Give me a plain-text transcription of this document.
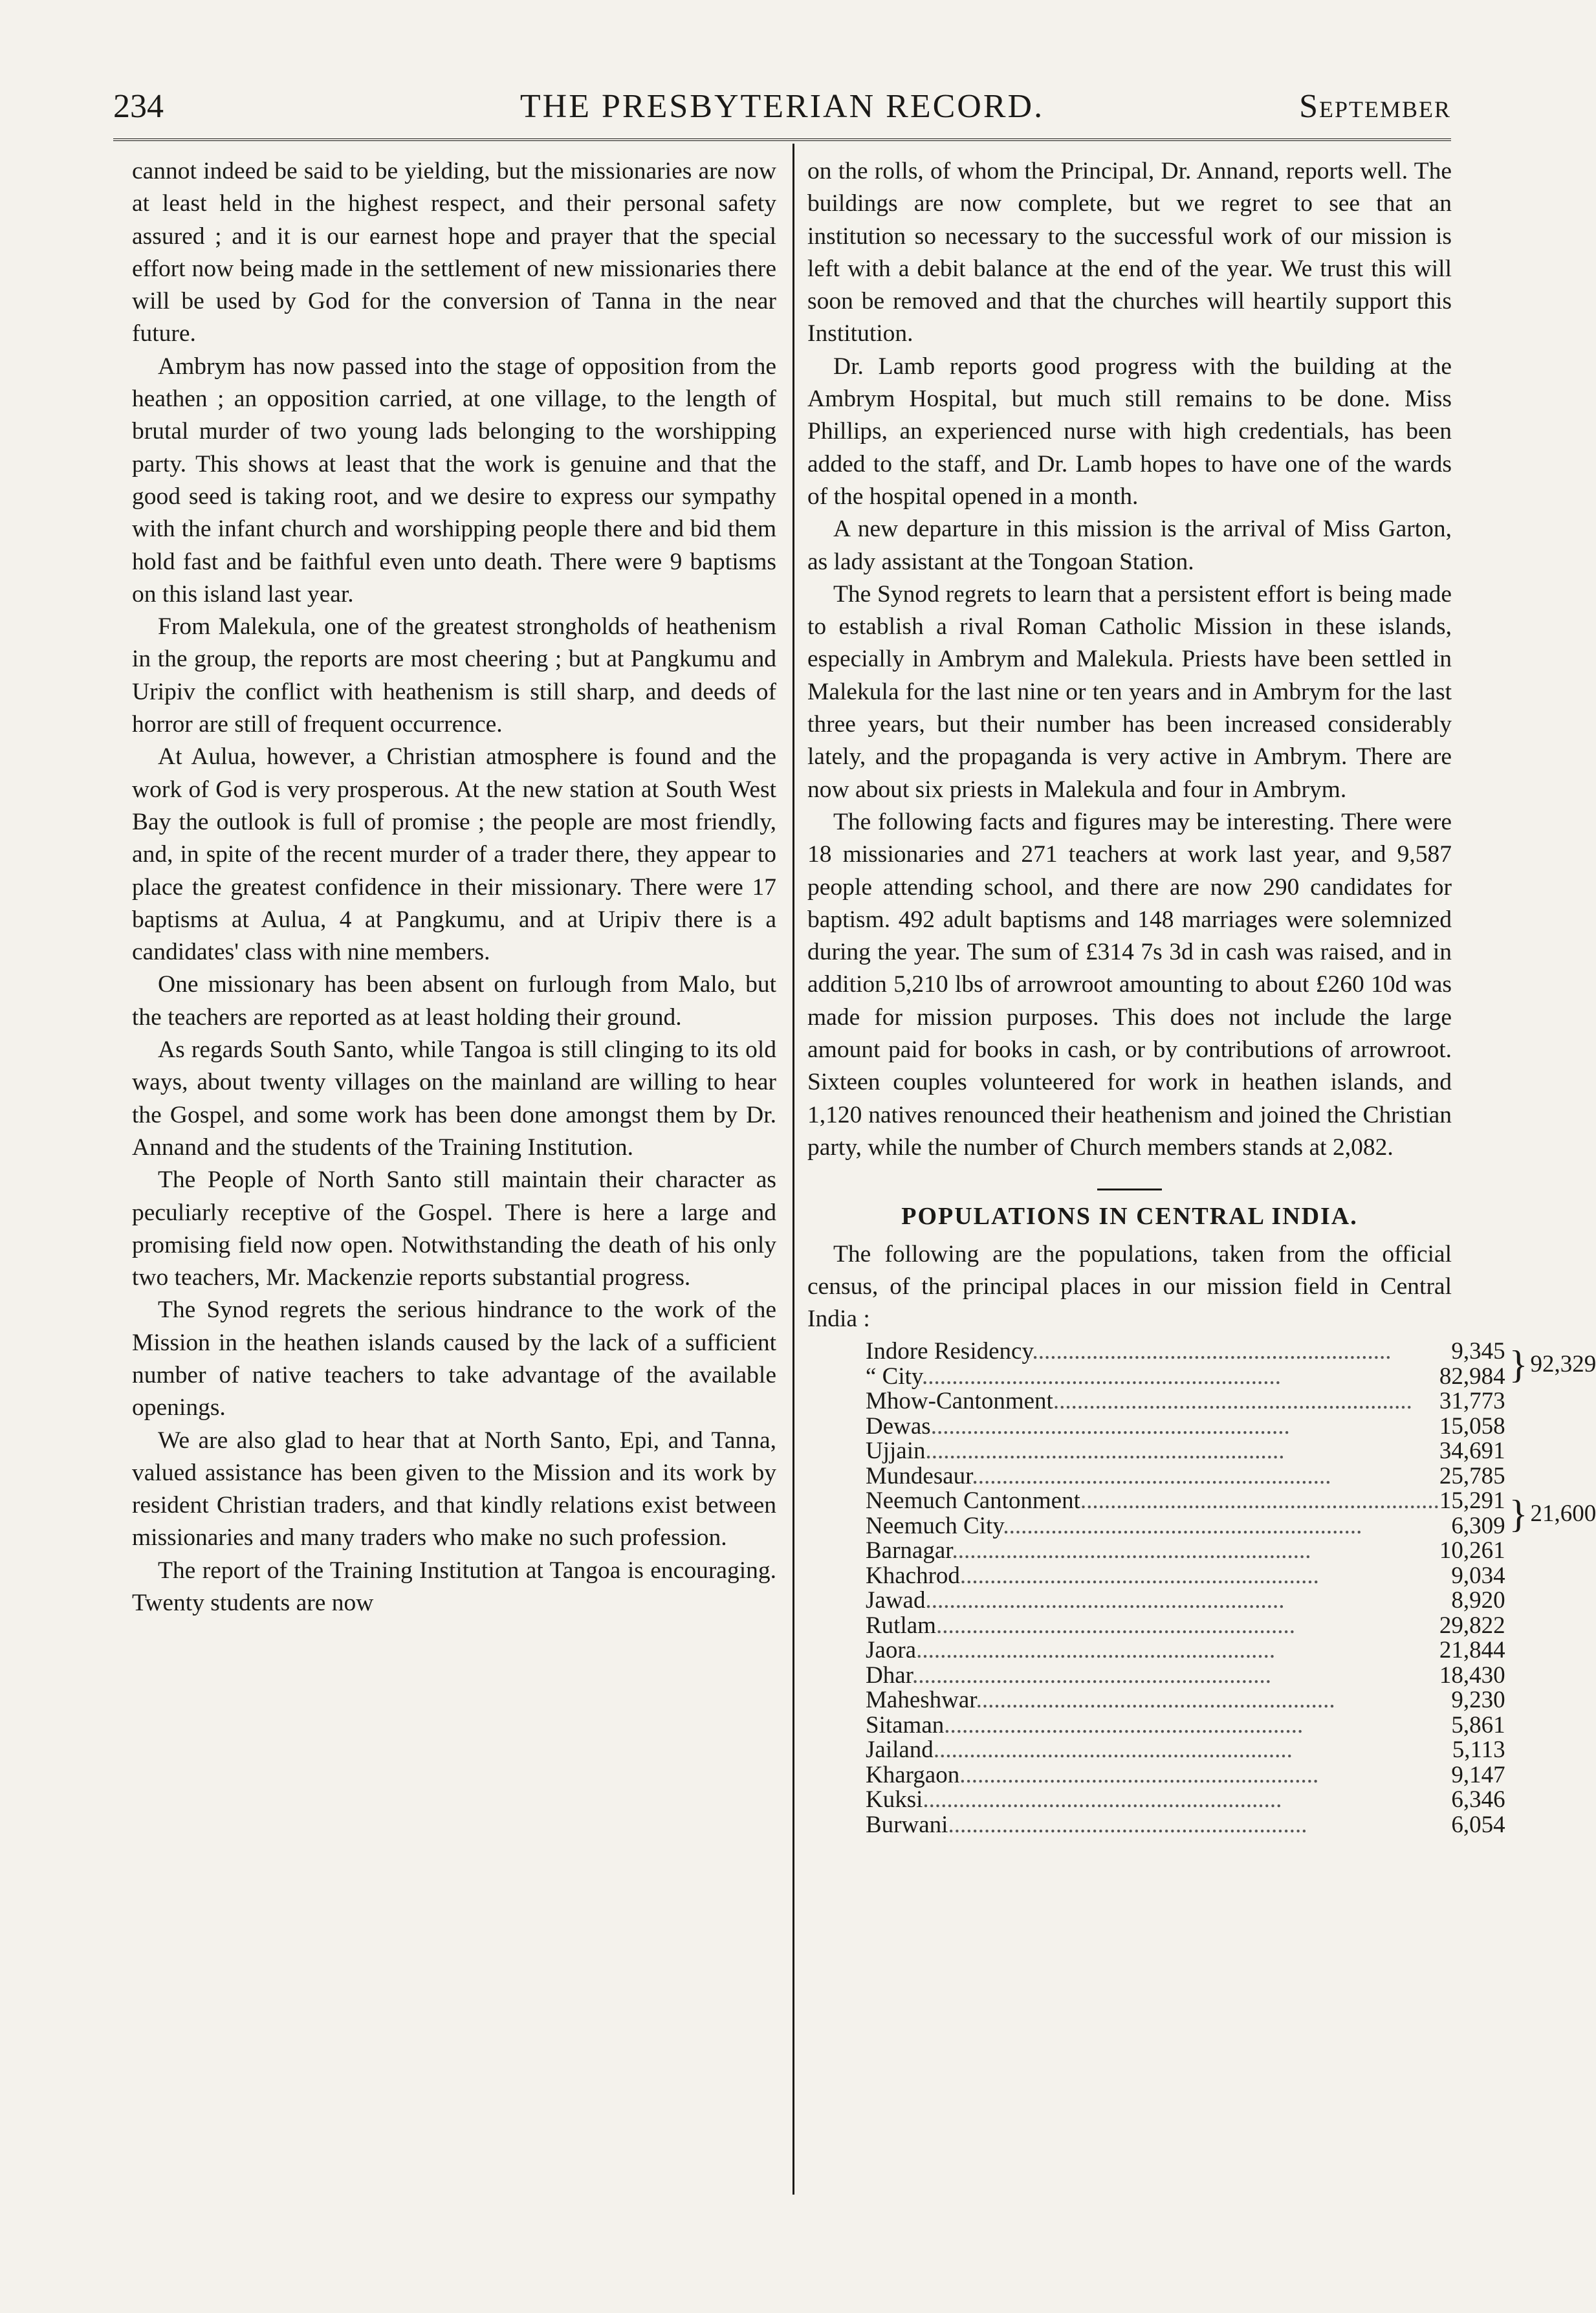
234	THE PRESBYTERIAN RECORD.	September

cannot indeed be said to be yielding, but the missionaries are now at least held in the highest respect, and their personal safety assured ; and it is our earnest hope and prayer that the special effort now being made in the settlement of new missionaries there will be used by God for the conversion of Tanna in the near future.

Ambrym has now passed into the stage of opposition from the heathen ; an opposition carried, at one village, to the length of brutal murder of two young lads belonging to the worshipping party. This shows at least that the work is genuine and that the good seed is taking root, and we desire to express our sympathy with the infant church and worshipping people there and bid them hold fast and be faithful even unto death. There were 9 baptisms on this island last year.

From Malekula, one of the greatest strongholds of heathenism in the group, the reports are most cheering ; but at Pangkumu and Uripiv the conflict with heathenism is still sharp, and deeds of horror are still of frequent occurrence.

At Aulua, however, a Christian atmosphere is found and the work of God is very prosperous. At the new station at South West Bay the outlook is full of promise ; the people are most friendly, and, in spite of the recent murder of a trader there, they appear to place the greatest confidence in their missionary. There were 17 baptisms at Aulua, 4 at Pangkumu, and at Uripiv there is a candidates' class with nine members.

One missionary has been absent on furlough from Malo, but the teachers are reported as at least holding their ground.

As regards South Santo, while Tangoa is still clinging to its old ways, about twenty villages on the mainland are willing to hear the Gospel, and some work has been done amongst them by Dr. Annand and the students of the Training Institution.

The People of North Santo still maintain their character as peculiarly receptive of the Gospel. There is here a large and promising field now open. Notwithstanding the death of his only two teachers, Mr. Mackenzie reports substantial progress.

The Synod regrets the serious hindrance to the work of the Mission in the heathen islands caused by the lack of a sufficient number of native teachers to take advantage of the available openings.

We are also glad to hear that at North Santo, Epi, and Tanna, valued assistance has been given to the Mission and its work by resident Christian traders, and that kindly relations exist between missionaries and many traders who make no such profession.

The report of the Training Institution at Tangoa is encouraging. Twenty students are now

on the rolls, of whom the Principal, Dr. Annand, reports well. The buildings are now complete, but we regret to see that an institution so necessary to the successful work of our mission is left with a debit balance at the end of the year. We trust this will soon be removed and that the churches will heartily support this Institution.

Dr. Lamb reports good progress with the building at the Ambrym Hospital, but much still remains to be done. Miss Phillips, an experienced nurse with high credentials, has been added to the staff, and Dr. Lamb hopes to have one of the wards of the hospital opened in a month.

A new departure in this mission is the arrival of Miss Garton, as lady assistant at the Tongoan Station.

The Synod regrets to learn that a persistent effort is being made to establish a rival Roman Catholic Mission in these islands, especially in Ambrym and Malekula. Priests have been settled in Malekula for the last nine or ten years and in Ambrym for the last three years, but their number has been increased considerably lately, and the propaganda is very active in Ambrym. There are now about six priests in Malekula and four in Ambrym.

The following facts and figures may be interesting. There were 18 missionaries and 271 teachers at work last year, and 9,587 people attending school, and there are now 290 candidates for baptism. 492 adult baptisms and 148 marriages were solemnized during the year. The sum of £314 7s 3d in cash was raised, and in addition 5,210 lbs of arrowroot amounting to about £260 10d was made for mission purposes. This does not include the large amount paid for books in cash, or by contributions of arrowroot. Sixteen couples volunteered for work in heathen islands, and 1,120 natives renounced their heathenism and joined the Christian party, while the number of Church members stands at 2,082.

POPULATIONS IN CENTRAL INDIA.

The following are the populations, taken from the official census, of the principal places in our mission field in Central India :

Indore Residency............................................................	9,345	}	92,329
“ City............................................................	82,984		
Mhow-Cantonment............................................................	31,773		
Dewas............................................................	15,058		
Ujjain............................................................	34,691		
Mundesaur............................................................	25,785		
Neemuch Cantonment............................................................	15,291	}	21,600
Neemuch City............................................................	6,309		
Barnagar............................................................	10,261		
Khachrod............................................................	9,034		
Jawad............................................................	8,920		
Rutlam............................................................	29,822		
Jaora............................................................	21,844		
Dhar............................................................	18,430		
Maheshwar............................................................	9,230		
Sitaman............................................................	5,861		
Jailand............................................................	5,113		
Khargaon............................................................	9,147		
Kuksi............................................................	6,346		
Burwani............................................................	6,054		
